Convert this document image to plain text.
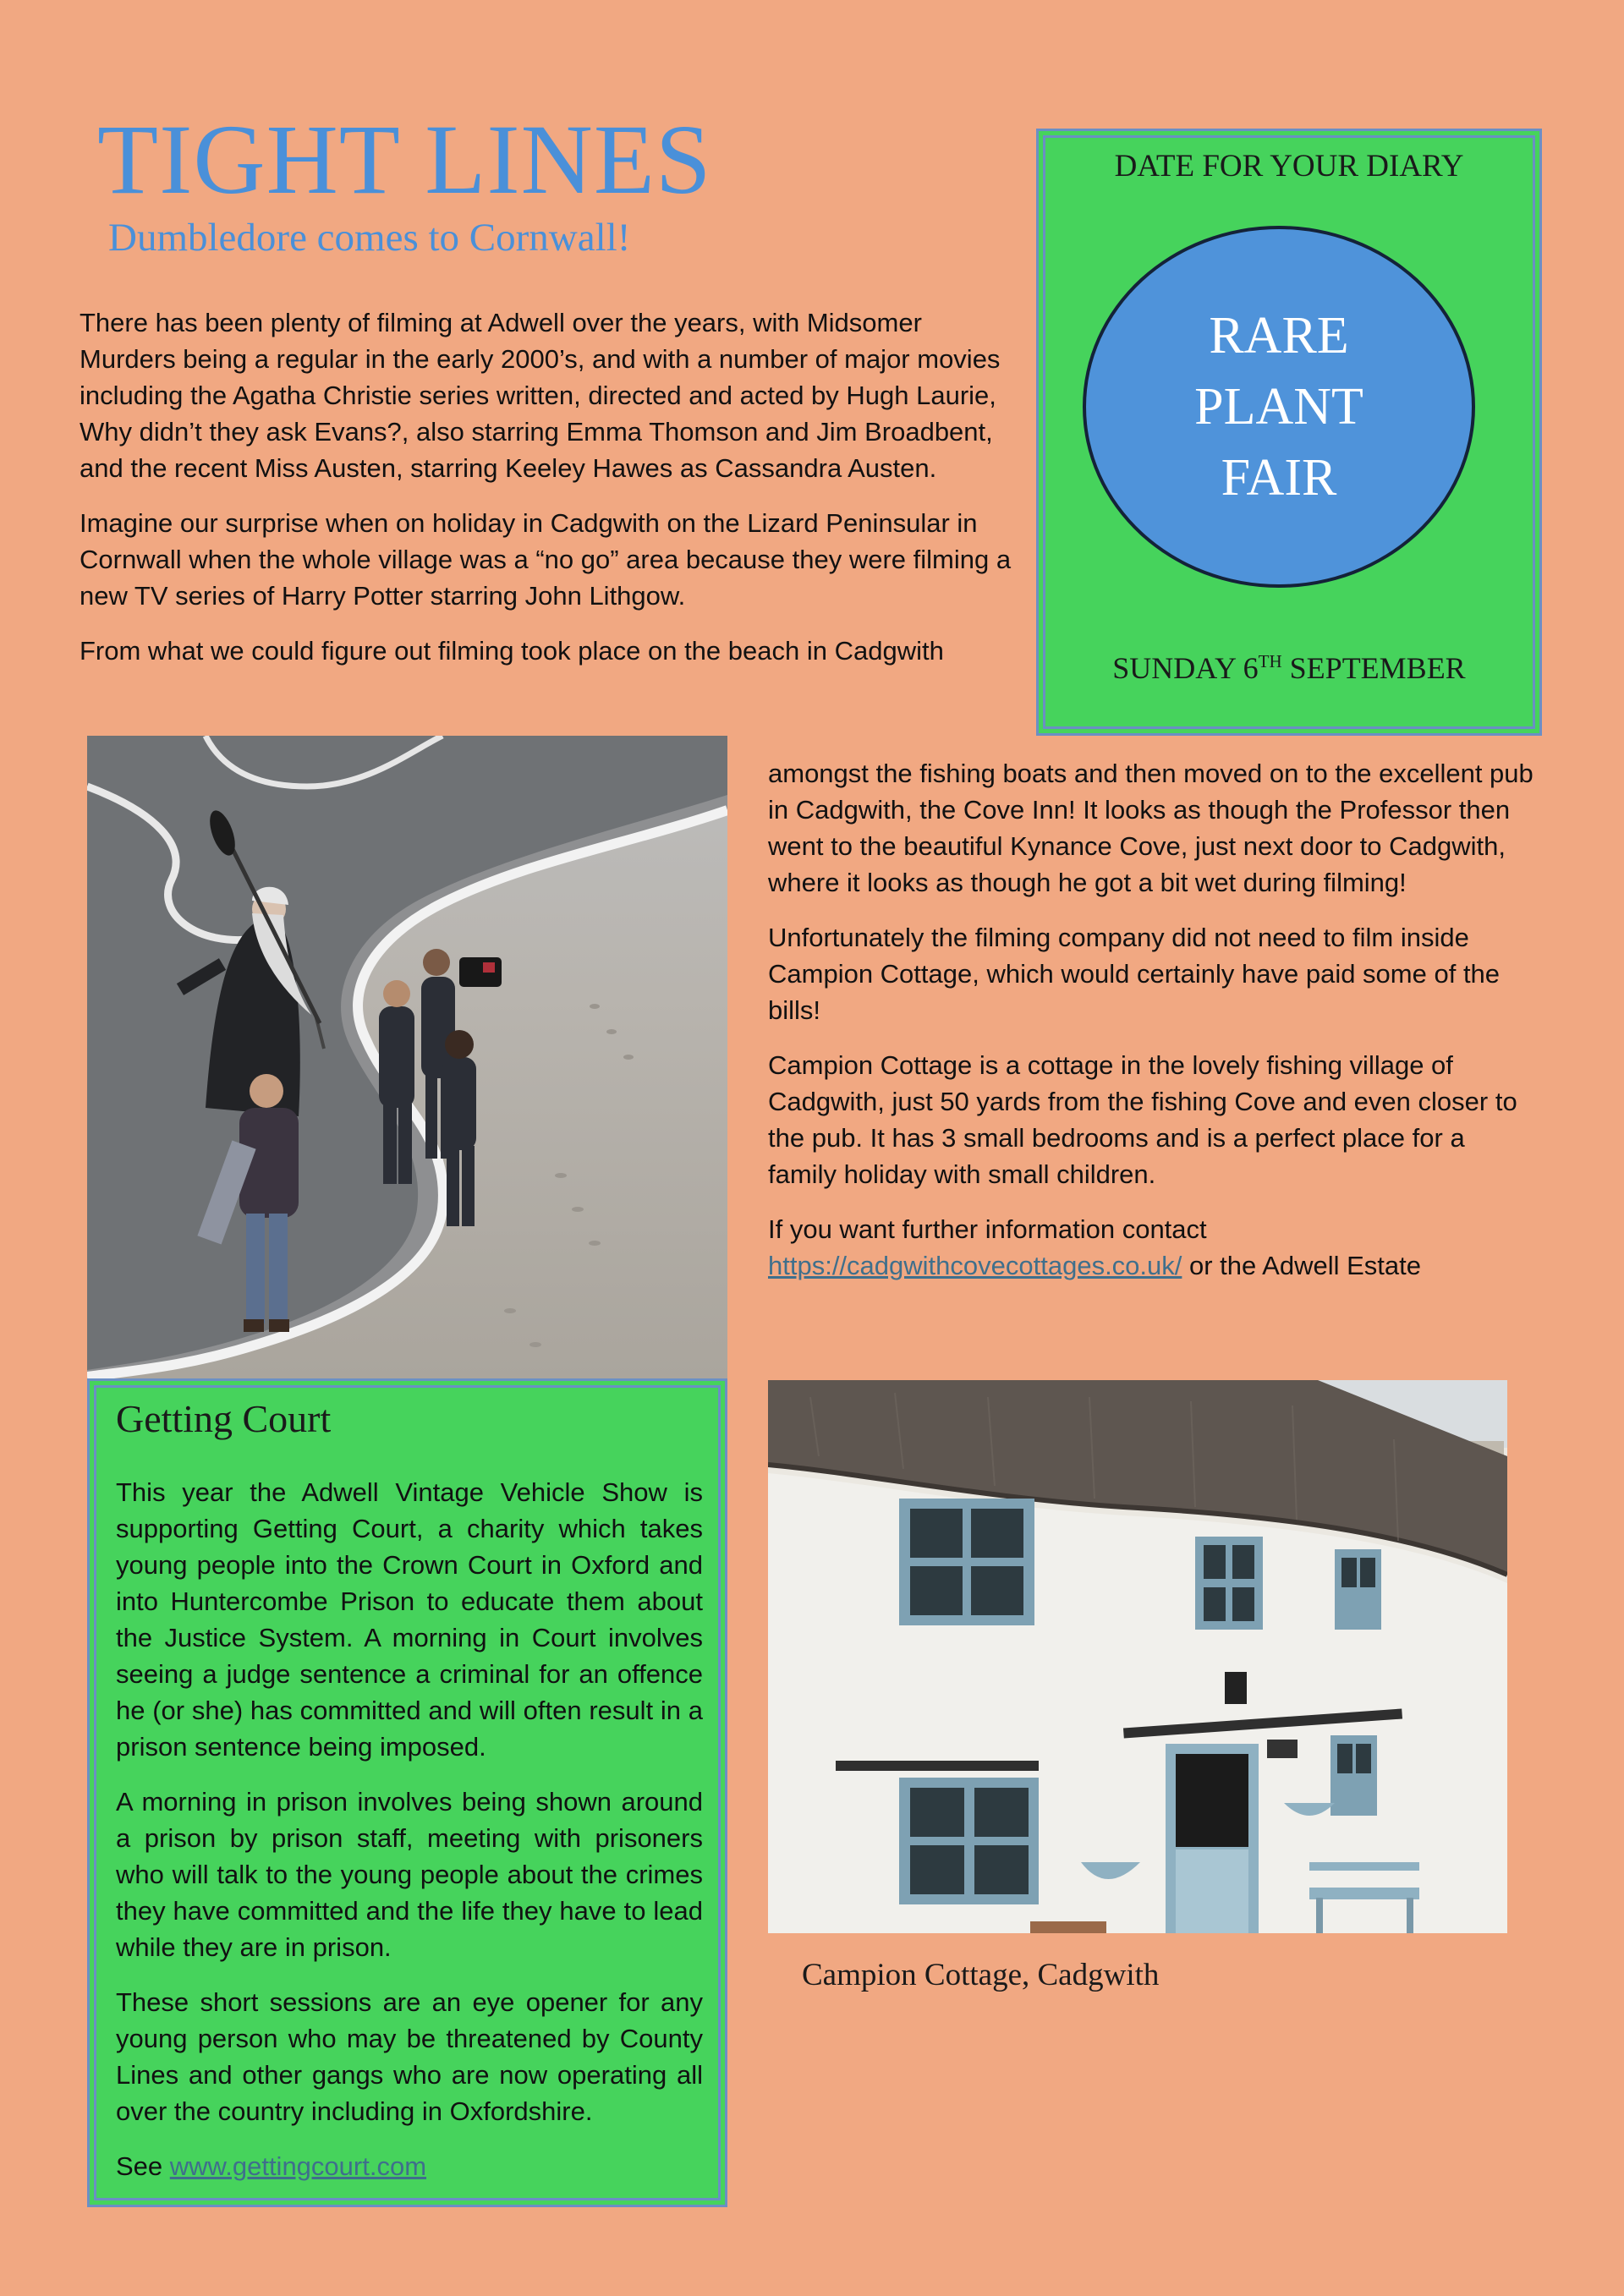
TIGHT LINES
Dumbledore comes to Cornwall!

There has been plenty of filming at Adwell over the years, with Midsomer Murders being a regular in the early 2000’s, and with a number of major movies including the Agatha Christie series written, directed and acted by Hugh Laurie, Why didn’t they ask Evans?, also starring Emma Thomson and Jim Broadbent, and the recent Miss Austen, starring Keeley Hawes as Cassandra Austen.

Imagine our surprise when on holiday in Cadgwith on the Lizard Peninsular in Cornwall when the whole village was a “no go” area because they were filming a new TV series of Harry Potter starring John Lithgow.

From what we could figure out filming took place on the beach in Cadgwith

DATE FOR YOUR DIARY
RARE
PLANT
FAIR
SUNDAY 6TH SEPTEMBER

amongst the fishing boats and then moved on to the excellent pub in Cadgwith, the Cove Inn! It looks as though the Professor then went to the beautiful Kynance Cove, just next door to Cadgwith, where it looks as though he got a bit wet during filming!

Unfortunately the filming company did not need to film inside Campion Cottage, which would certainly have paid some of the bills!

Campion Cottage is a cottage in the lovely fishing village of Cadgwith, just 50 yards from the fishing Cove and even closer to the pub. It has 3 small bedrooms and is a perfect place for a family holiday with small children.

If you want further information contact
https://cadgwithcovecottages.co.uk/ or the Adwell Estate

Getting Court

This year the Adwell Vintage Vehicle Show is supporting Getting Court, a charity which takes young people into the Crown Court in Oxford and into Huntercombe Prison to educate them about the Justice System. A morning in Court involves seeing a judge sentence a criminal for an offence he (or she) has committed and will often result in a prison sentence being imposed.

A morning in prison involves being shown around a prison by prison staff, meeting with prisoners who will talk to the young people about the crimes they have committed and the life they have to lead while they are in prison.

These short sessions are an eye opener for any young person who may be threatened by County Lines and other gangs who are now operating all over the country including in Oxfordshire.

See www.gettingcourt.com

Campion Cottage, Cadgwith
